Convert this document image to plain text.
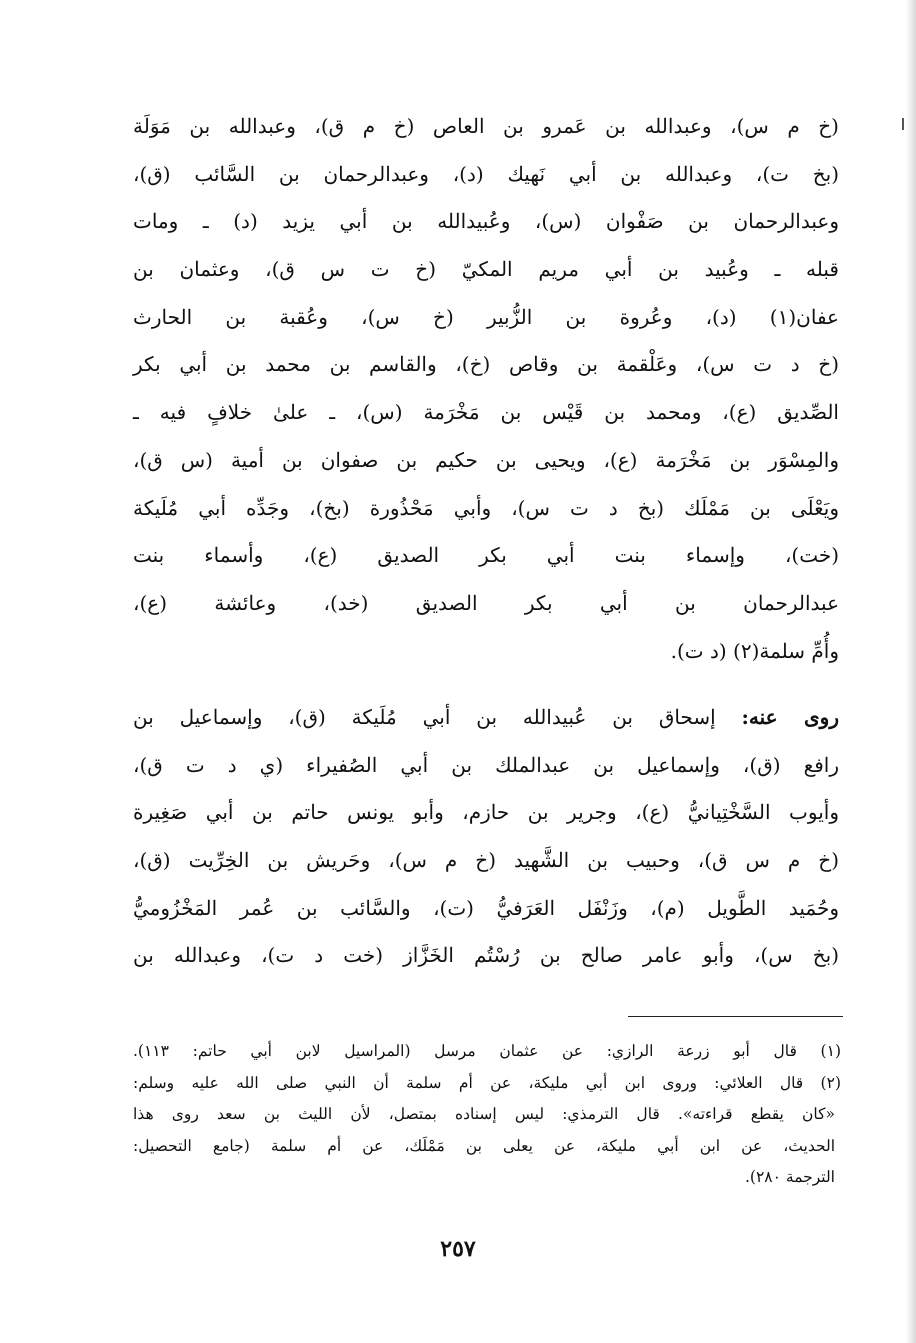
(خ م س)، وعبدالله بن عَمرو بن العاص (خ م ق)، وعبدالله بن مَوَلَة
(بخ ت)، وعبدالله بن أبي نَهيك (د)، وعبدالرحمان بن السَّائب (ق)،
وعبدالرحمان بن صَفْوان (س)، وعُبيدالله بن أبي يزيد (د) ـ ومات
قبله ـ وعُبيد بن أبي مريم المكيّ (خ ت س ق)، وعثمان بن
عفان(١) (د)، وعُروة بن الزُّبير (خ س)، وعُقبة بن الحارث
(خ د ت س)، وعَلْقمة بن وقاص (خ)، والقاسم بن محمد بن أبي بكر
الصِّديق (ع)، ومحمد بن قَيْس بن مَخْرَمة (س)، ـ علىٰ خلافٍ فيه ـ
والمِسْوَر بن مَخْرَمة (ع)، ويحيى بن حكيم بن صفوان بن أمية (س ق)،
ويَعْلَى بن مَمْلَك (بخ د ت س)، وأبي مَحْذُورة (بخ)، وجَدِّه أبي مُلَيكة
(خت)، وإسماء بنت أبي بكر الصديق (ع)، وأسماء بنت
عبدالرحمان بن أبي بكر الصديق (خد)، وعائشة (ع)،
وأُمِّ سلمة(٢) (د ت).
روى عنه: إسحاق بن عُبيدالله بن أبي مُلَيكة (ق)، وإسماعيل بن
رافع (ق)، وإسماعيل بن عبدالملك بن أبي الصُفيراء (ي د ت ق)،
وأيوب السَّخْتِيانيُّ (ع)، وجرير بن حازم، وأبو يونس حاتم بن أبي صَغِيرة
(خ م س ق)، وحبيب بن الشَّهيد (خ م س)، وحَريش بن الخِرِّيت (ق)،
وحُمَيد الطَّويل (م)، وزَنْفَل العَرَفيُّ (ت)، والسَّائب بن عُمر المَخْزُوميُّ
(بخ س)، وأبو عامر صالح بن رُسْتُم الخَزَّاز (خت د ت)، وعبدالله بن
(١) قال أبو زرعة الرازي: عن عثمان مرسل (المراسيل لابن أبي حاتم: ١١٣).
(٢) قال العلائي: وروى ابن أبي مليكة، عن أم سلمة أن النبي صلى الله عليه وسلم:
«كان يقطع قراءته». قال الترمذي: ليس إسناده بمتصل، لأن الليث بن سعد روى هذا
الحديث، عن ابن أبي مليكة، عن يعلى بن مَمْلَك، عن أم سلمة (جامع التحصيل:
الترجمة ٢٨٠).
٢٥٧
